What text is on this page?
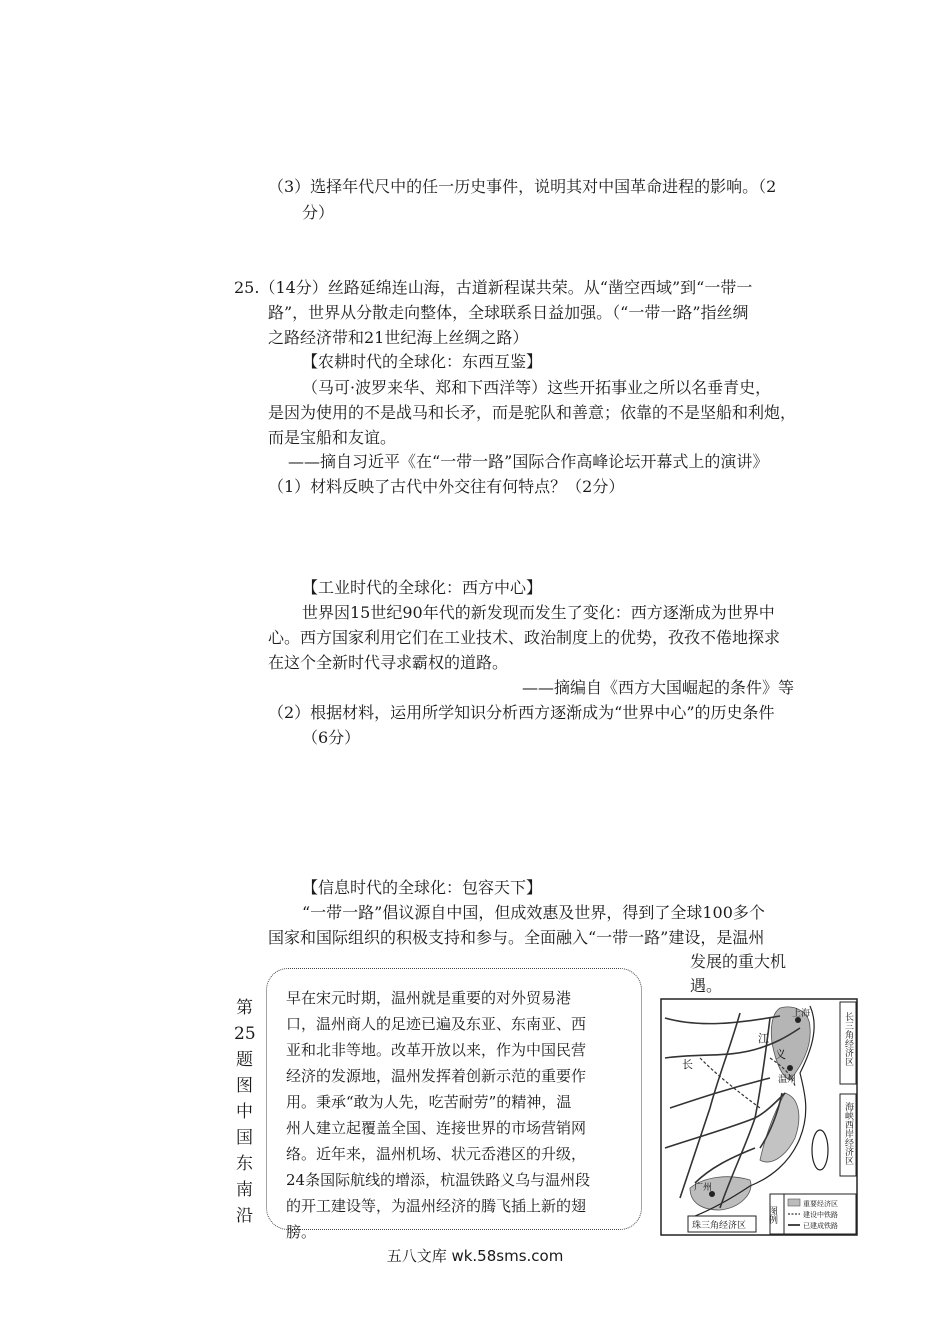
（3）选择年代尺中的任一历史事件，说明其对中国革命进程的影响。（2
分）
25.（14分）丝路延绵连山海，古道新程谋共荣。从“凿空西域”到“一带一
路”，世界从分散走向整体，全球联系日益加强。（“一带一路”指丝绸
之路经济带和21世纪海上丝绸之路）
【农耕时代的全球化：东西互鉴】
（马可·波罗来华、郑和下西洋等）这些开拓事业之所以名垂青史，
是因为使用的不是战马和长矛，而是驼队和善意；依靠的不是坚船和利炮，
而是宝船和友谊。
——摘自习近平《在“一带一路”国际合作高峰论坛开幕式上的演讲》
（1）材料反映了古代中外交往有何特点？（2分）
【工业时代的全球化：西方中心】
世界因15世纪90年代的新发现而发生了变化：西方逐渐成为世界中
心。西方国家利用它们在工业技术、政治制度上的优势，孜孜不倦地探求
在这个全新时代寻求霸权的道路。
——摘编自《西方大国崛起的条件》等
（2）根据材料，运用所学知识分析西方逐渐成为“世界中心”的历史条件
（6分）
【信息时代的全球化：包容天下】
“一带一路”倡议源自中国，但成效惠及世界，得到了全球100多个
国家和国际组织的积极支持和参与。全面融入“一带一路”建设，是温州
发展的重大机
遇。
第
25
题
图
中
国
东
南
沿
早在宋元时期，温州就是重要的对外贸易港
口，温州商人的足迹已遍及东亚、东南亚、西
亚和北非等地。改革开放以来，作为中国民营
经济的发源地，温州发挥着创新示范的重要作
用。秉承“敢为人先，吃苦耐劳”的精神，温
州人建立起覆盖全国、连接世界的市场营销网
络。近年来，温州机场、状元岙港区的升级，
24条国际航线的增添，杭温铁路义乌与温州段
的开工建设等，为温州经济的腾飞插上新的翅
膀。
上海
温州
广州
江
义
长	长三角经济区
海峡西岸经济区
珠三角经济区
图例
重要经济区
建设中铁路
已建成铁路
五八文库 wk.58sms.com
